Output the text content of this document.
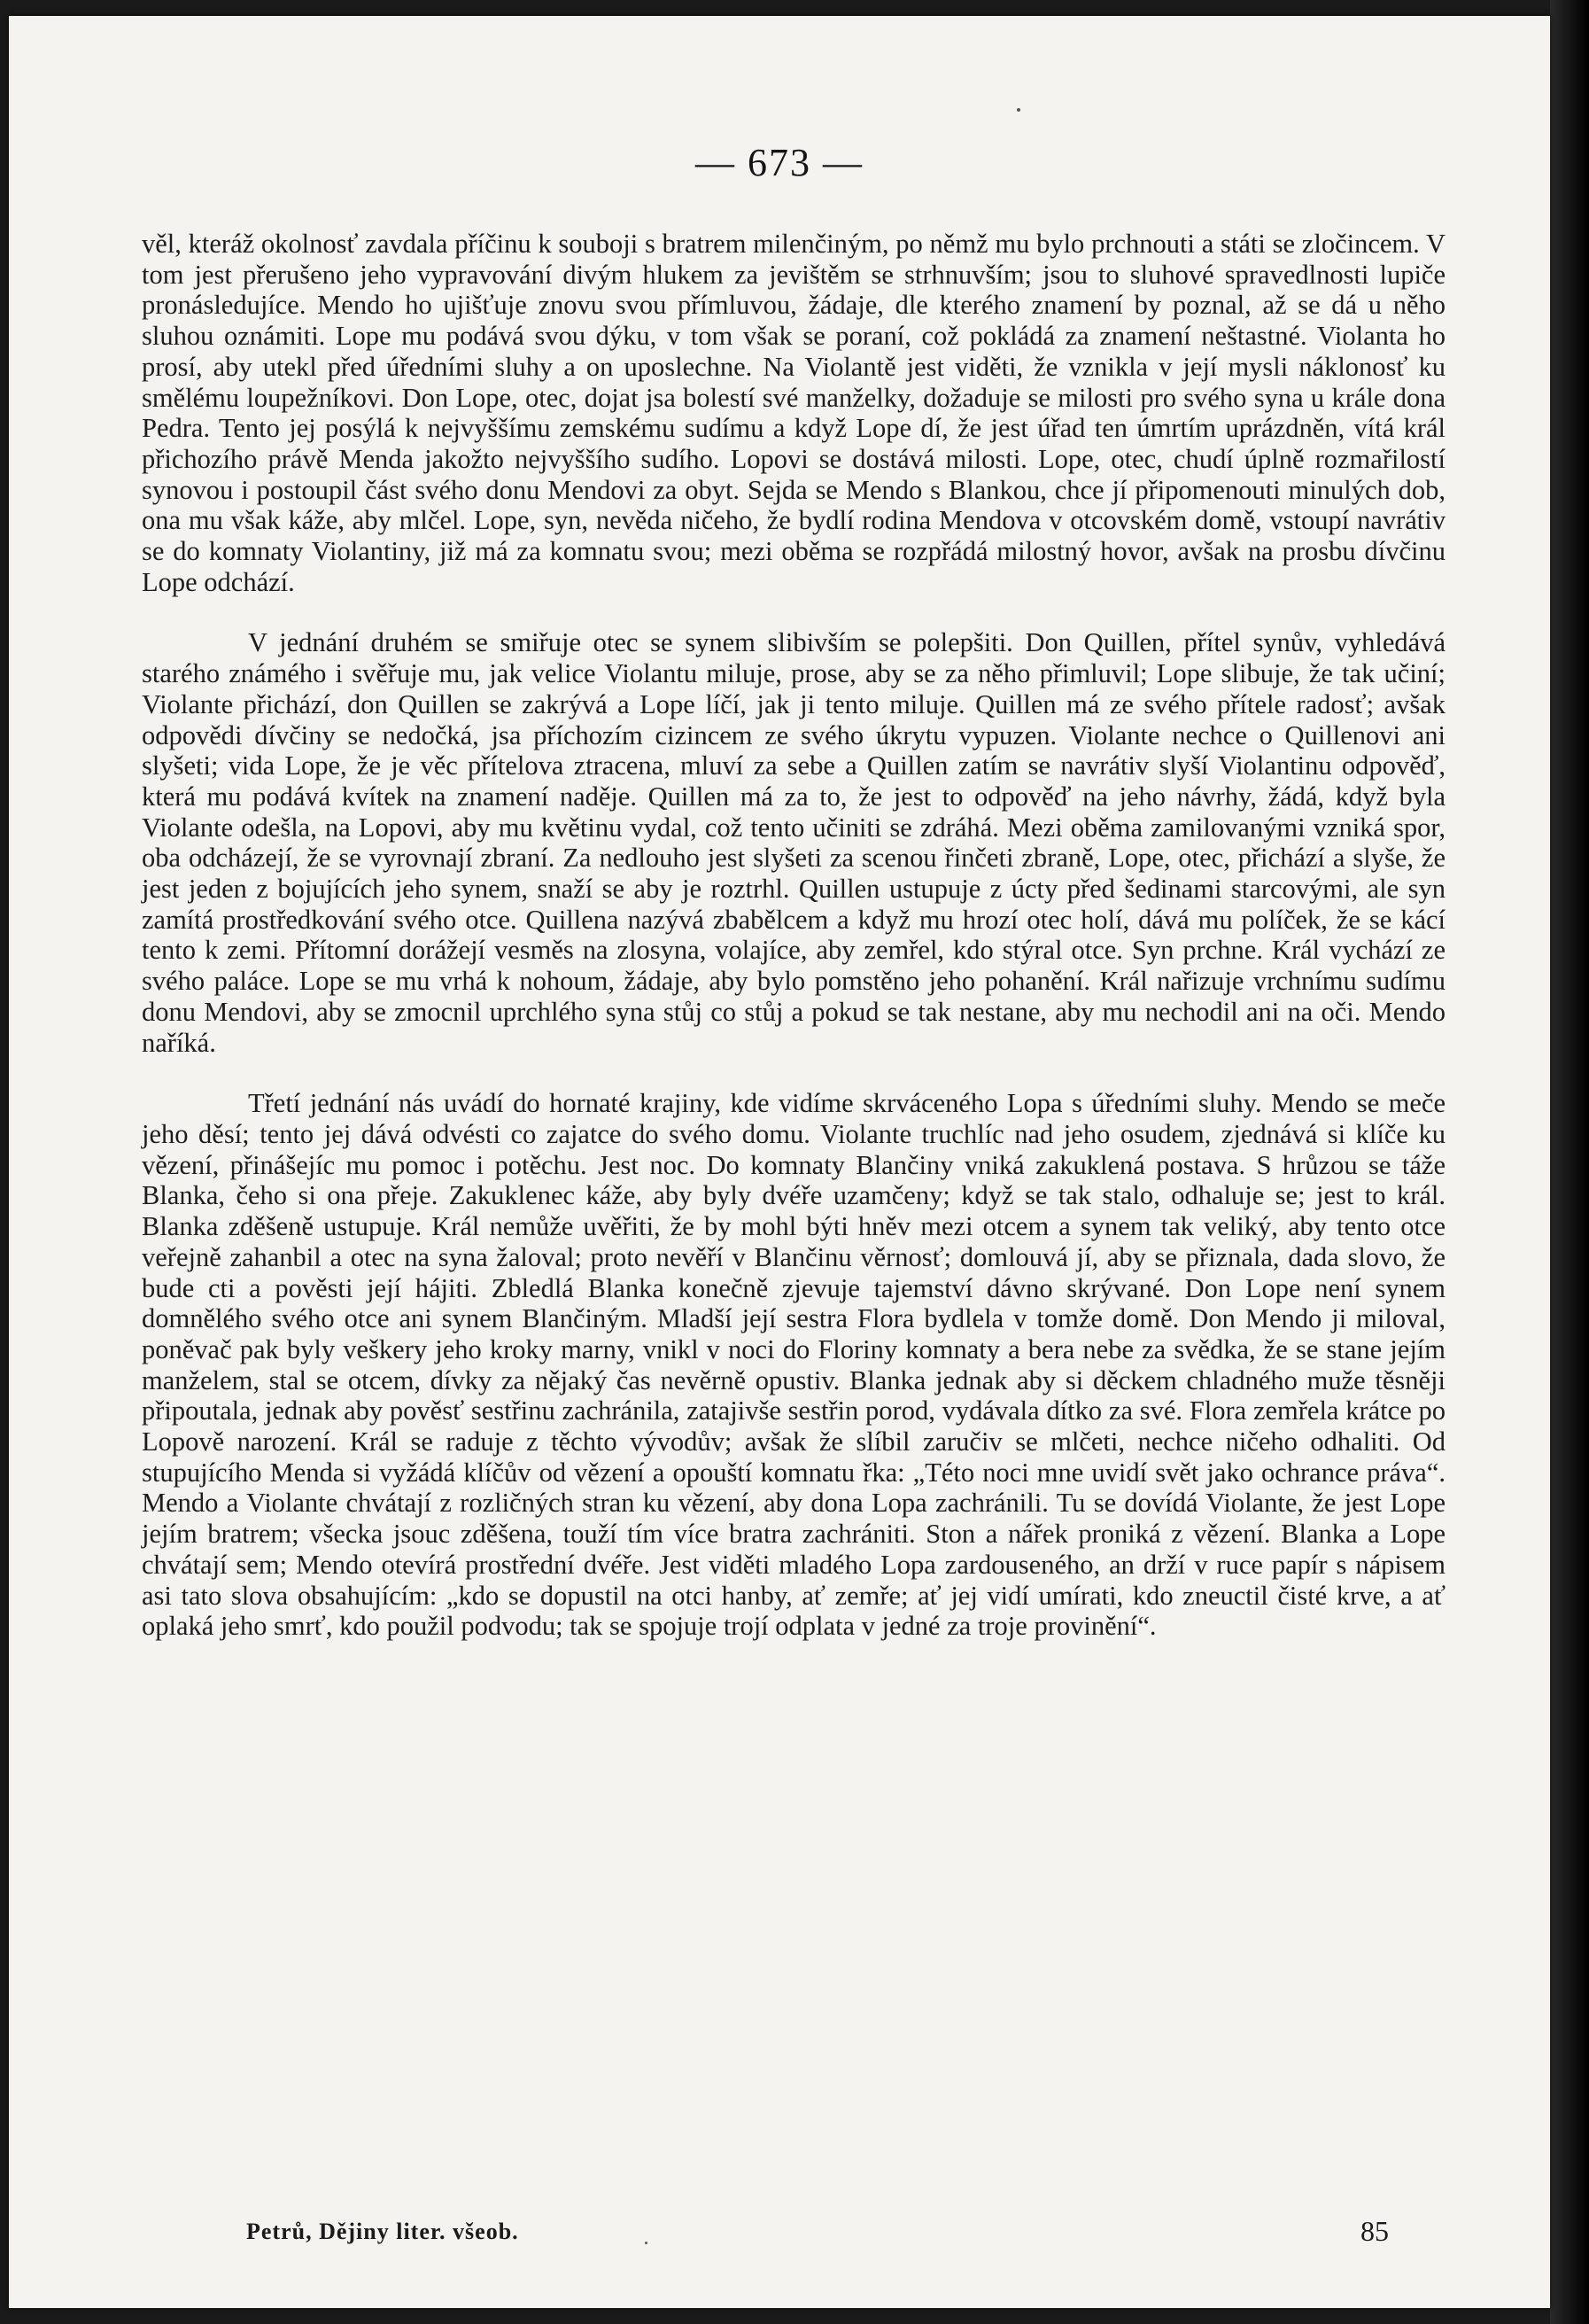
— 673 —

věl, kteráž okolnosť zavdala příčinu k souboji s bratrem milenčiným, po němž mu bylo prchnouti a státi se zločincem. V tom jest přerušeno jeho vypravování divým hlukem za jevištěm se strhnuvším; jsou to sluhové spravedlnosti lupiče pronásledujíce. Mendo ho ujišťuje znovu svou přímluvou, žádaje, dle kterého znamení by poznal, až se dá u něho sluhou oznámiti. Lope mu podává svou dýku, v tom však se poraní, což pokládá za znamení neštastné. Violanta ho prosí, aby utekl před úředními sluhy a on uposlechne. Na Violantě jest viděti, že vznikla v její mysli náklonosť ku smělému loupežníkovi. Don Lope, otec, dojat jsa bolestí své manželky, dožaduje se milosti pro svého syna u krále dona Pedra. Tento jej posýlá k nejvyššímu zemskému sudímu a když Lope dí, že jest úřad ten úmrtím uprázdněn, vítá král přichozího právě Menda jakožto nejvyššího sudího. Lopovi se dostává milosti. Lope, otec, chudí úplně rozmařilostí synovou i postoupil část svého donu Mendovi za obyt. Sejda se Mendo s Blankou, chce jí připomenouti minulých dob, ona mu však káže, aby mlčel. Lope, syn, nevěda ničeho, že bydlí rodina Mendova v otcovském domě, vstoupí navrátiv se do komnaty Violantiny, již má za komnatu svou; mezi oběma se rozpřádá milostný hovor, avšak na prosbu dívčinu Lope odchází.

V jednání druhém se smiřuje otec se synem slibivším se polepšiti. Don Quillen, přítel synův, vyhledává starého známého i svěřuje mu, jak velice Violantu miluje, prose, aby se za něho přimluvil; Lope slibuje, že tak učiní; Violante přichází, don Quillen se zakrývá a Lope líčí, jak ji tento miluje. Quillen má ze svého přítele radosť; avšak odpovědi dívčiny se nedočká, jsa příchozím cizincem ze svého úkrytu vypuzen. Violante nechce o Quillenovi ani slyšeti; vida Lope, že je věc přítelova ztracena, mluví za sebe a Quillen zatím se navrátiv slyší Violantinu odpověď, která mu podává kvítek na znamení naděje. Quillen má za to, že jest to odpověď na jeho návrhy, žádá, když byla Violante odešla, na Lopovi, aby mu květinu vydal, což tento učiniti se zdráhá. Mezi oběma zamilovanými vzniká spor, oba odcházejí, že se vyrovnají zbraní. Za nedlouho jest slyšeti za scenou řinčeti zbraně, Lope, otec, přichází a slyše, že jest jeden z bojujících jeho synem, snaží se aby je roztrhl. Quillen ustupuje z úcty před šedinami starcovými, ale syn zamítá prostředkování svého otce. Quillena nazývá zbabělcem a když mu hrozí otec holí, dává mu políček, že se kácí tento k zemi. Přítomní dorážejí vesměs na zlosyna, volajíce, aby zemřel, kdo stýral otce. Syn prchne. Král vychází ze svého paláce. Lope se mu vrhá k nohoum, žádaje, aby bylo pomstěno jeho pohanění. Král nařizuje vrchnímu sudímu donu Mendovi, aby se zmocnil uprchlého syna stůj co stůj a pokud se tak nestane, aby mu nechodil ani na oči. Mendo naříká.

Třetí jednání nás uvádí do hornaté krajiny, kde vidíme skrváceného Lopa s úředními sluhy. Mendo se meče jeho děsí; tento jej dává odvésti co zajatce do svého domu. Violante truchlíc nad jeho osudem, zjednává si klíče ku vězení, přinášejíc mu pomoc i potěchu. Jest noc. Do komnaty Blančiny vniká zakuklená postava. S hrůzou se táže Blanka, čeho si ona přeje. Zakuklenec káže, aby byly dvéře uzamčeny; když se tak stalo, odhaluje se; jest to král. Blanka zděšeně ustupuje. Král nemůže uvěřiti, že by mohl býti hněv mezi otcem a synem tak veliký, aby tento otce veřejně zahanbil a otec na syna žaloval; proto nevěří v Blančinu věrnosť; domlouvá jí, aby se přiznala, dada slovo, že bude cti a pověsti její hájiti. Zbledlá Blanka konečně zjevuje tajemství dávno skrývané. Don Lope není synem domnělého svého otce ani synem Blančiným. Mladší její sestra Flora bydlela v tomže domě. Don Mendo ji miloval, poněvač pak byly veškery jeho kroky marny, vnikl v noci do Floriny komnaty a bera nebe za svědka, že se stane jejím manželem, stal se otcem, dívky za nějaký čas nevěrně opustiv. Blanka jednak aby si děckem chladného muže těsněji připoutala, jednak aby pověsť sestřinu zachránila, zatajivše sestřin porod, vydávala dítko za své. Flora zemřela krátce po Lopově narození. Král se raduje z těchto vývodův; avšak že slíbil zaručiv se mlčeti, nechce ničeho odhaliti. Od stupujícího Menda si vyžádá klíčův od vězení a opouští komnatu řka: „Této noci mne uvidí svět jako ochrance práva“. Mendo a Violante chvátají z rozličných stran ku vězení, aby dona Lopa zachránili. Tu se dovídá Violante, že jest Lope jejím bratrem; všecka jsouc zděšena, touží tím více bratra zachrániti. Ston a nářek proniká z vězení. Blanka a Lope chvátají sem; Mendo otevírá prostřední dvéře. Jest viděti mladého Lopa zardouseného, an drží v ruce papír s nápisem asi tato slova obsahujícím: „kdo se dopustil na otci hanby, ať zemře; ať jej vidí umírati, kdo zneuctil čisté krve, a ať oplaká jeho smrť, kdo použil podvodu; tak se spojuje trojí odplata v jedné za troje provinění“.

Petrů, Dějiny liter. všeob.	85
